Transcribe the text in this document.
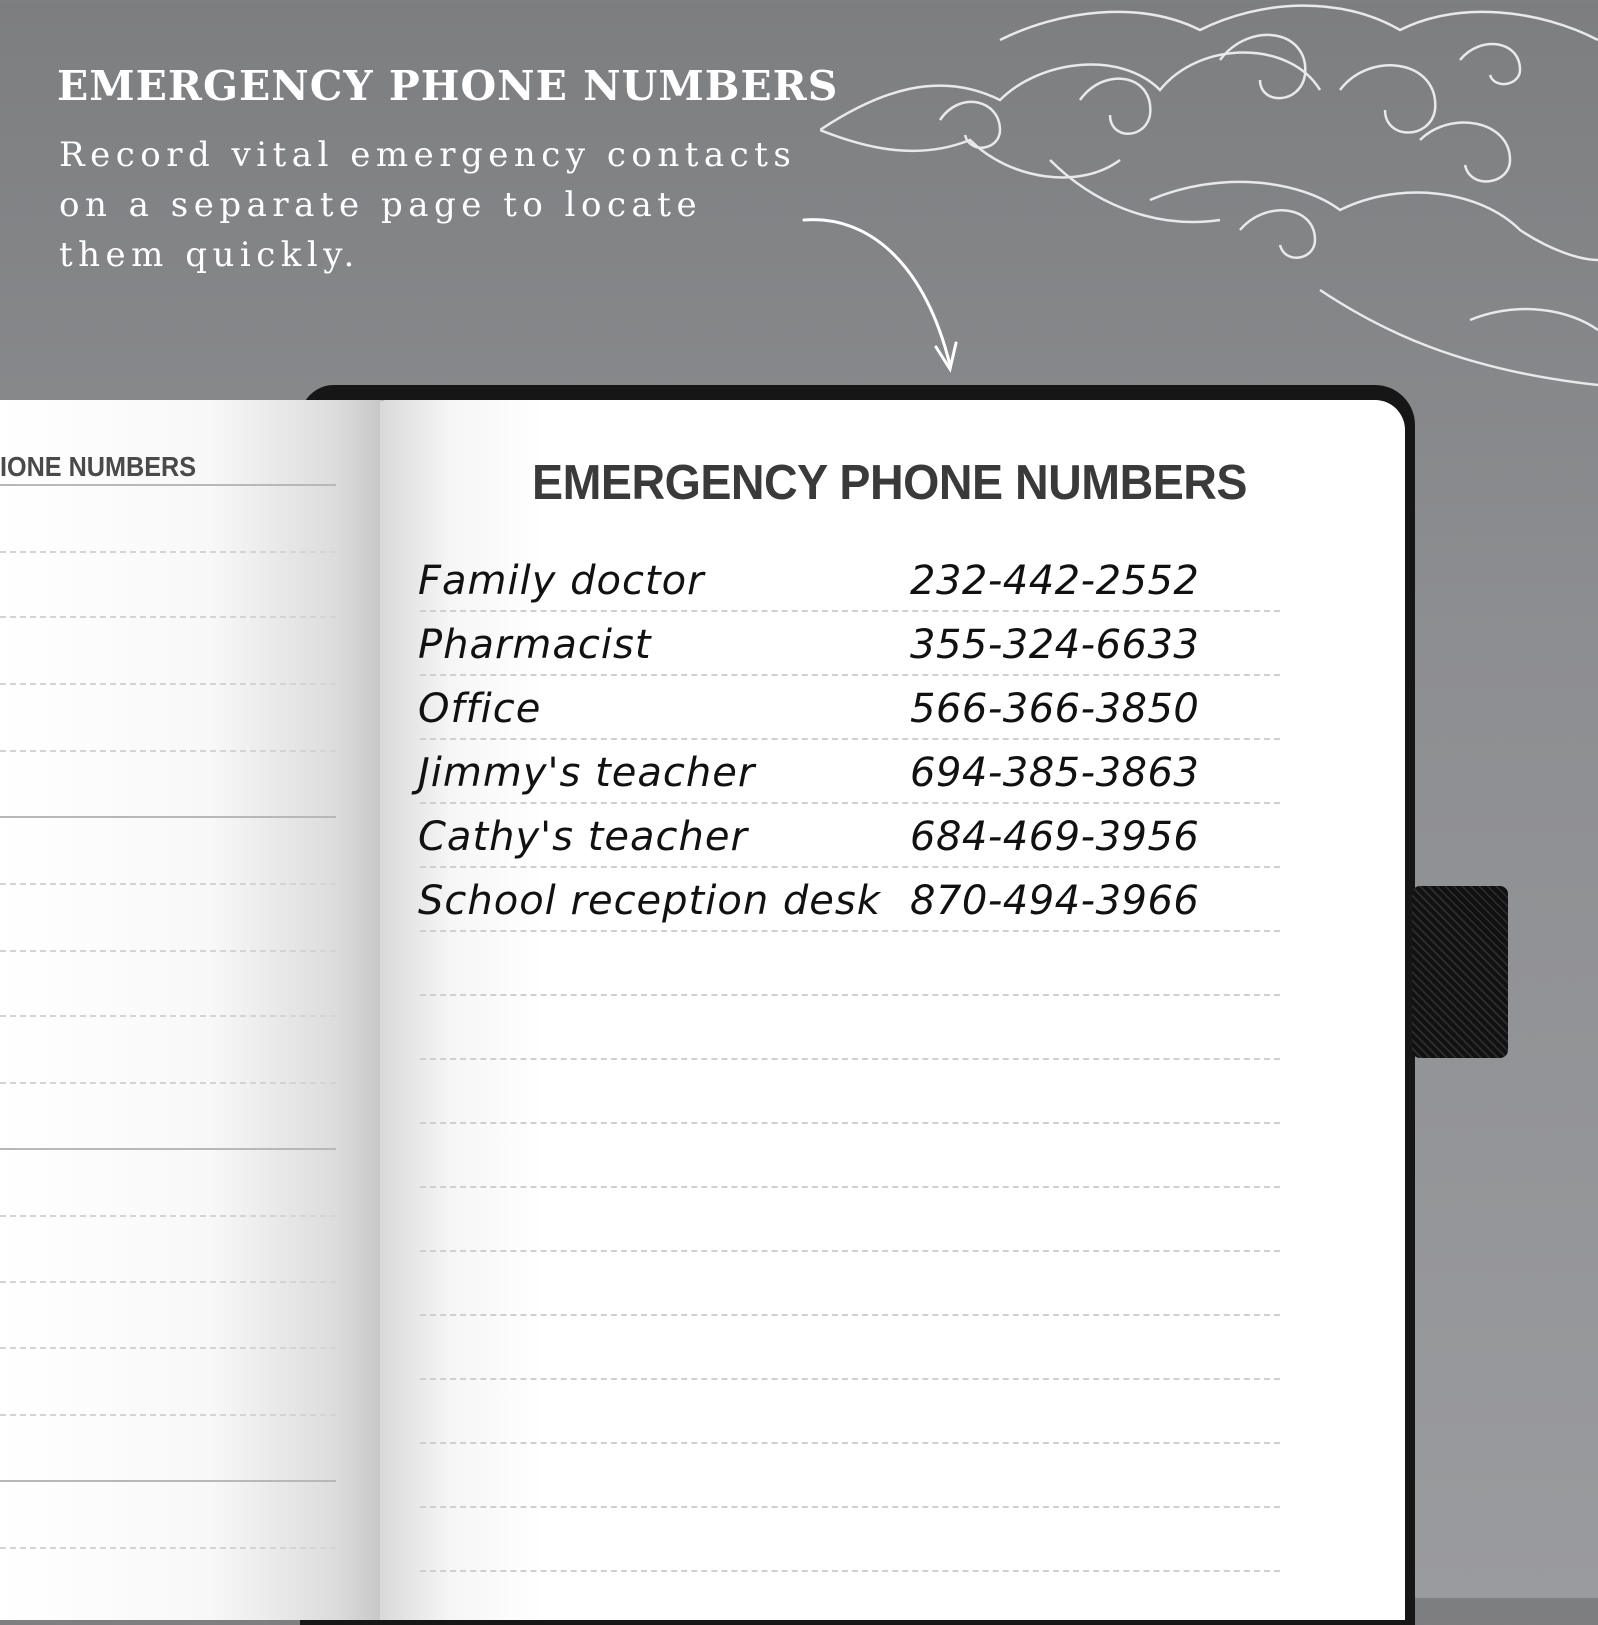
EMERGENCY PHONE NUMBERS

Record vital emergency contacts on a separate page to locate them quickly.

IONE NUMBERS	EMERGENCY PHONE NUMBERS
Family doctor	232-442-2552
Pharmacist	355-324-6633
Office	566-366-3850
Jimmy's teacher	694-385-3863
Cathy's teacher	684-469-3956
School reception desk 870-494-3966
